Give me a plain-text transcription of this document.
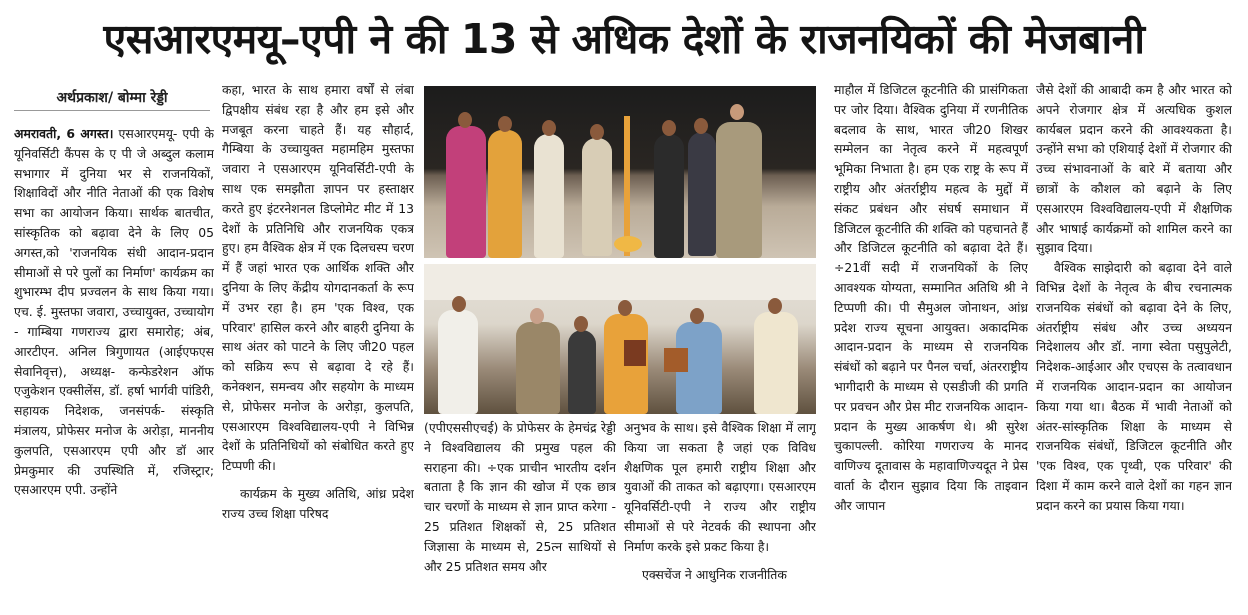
एसआरएमयू–एपी ने की 13 से अधिक देशों के राजनयिकों की मेजबानी
अर्थप्रकाश/ बोम्मा रेड्डी

अमरावती, 6 अगस्त। एसआरएमयू- एपी के यूनिवर्सिटी कैंपस के ए पी जे अब्दुल कलाम सभागार में दुनिया भर से राजनयिकों, शिक्षाविदों और नीति नेताओं की एक विशेष सभा का आयोजन किया। सार्थक बातचीत, सांस्कृतिक को बढ़ावा देने के लिए 05 अगस्त,को 'राजनयिक संधी आदान-प्रदान सीमाओं से परे पुलों का निर्माण' कार्यक्रम का शुभारम्भ दीप प्रज्वलन के साथ किया गया। एच. ई. मुस्तफा जवारा, उच्चायुक्त, उच्चायोग - गाम्बिया गणराज्य द्वारा समारोह; अंब, आरटीएन. अनिल त्रिगुणायत (आईएफएस सेवानिवृत्त), अध्यक्ष- कन्फेडरेशन ऑफ एजुकेशन एक्सीलेंस, डॉ. हर्षा भार्गवी पांडिरी, सहायक निदेशक, जनसंपर्क- संस्कृति मंत्रालय, प्रोफेसर मनोज के अरोड़ा, माननीय कुलपति, एसआरएम एपी और डॉ आर प्रेमकुमार की उपस्थिति में, रजिस्ट्रार; एसआरएम एपी. उन्होंने

कहा, भारत के साथ हमारा वर्षों से लंबा द्विपक्षीय संबंध रहा है और हम इसे और मजबूत करना चाहते हैं। यह सौहार्द, गैम्बिया के उच्चायुक्त महामहिम मुस्तफा जवारा ने एसआरएम यूनिवर्सिटी-एपी के साथ एक समझौता ज्ञापन पर हस्ताक्षर करते हुए इंटरनेशनल डिप्लोमेट मीट में 13 देशों के प्रतिनिधि और राजनयिक एकत्र हुए। हम वैश्विक क्षेत्र में एक दिलचस्प चरण में हैं जहां भारत एक आर्थिक शक्ति और दुनिया के लिए केंद्रीय योगदानकर्ता के रूप में उभर रहा है। हम 'एक विश्व, एक परिवार' हासिल करने और बाहरी दुनिया के साथ अंतर को पाटने के लिए जी20 पहल को सक्रिय रूप से बढ़ावा दे रहे हैं। कनेक्शन, समन्वय और सहयोग के माध्यम से, प्रोफेसर मनोज के अरोड़ा, कुलपति, एसआरएम विश्वविद्यालय-एपी ने विभिन्न देशों के प्रतिनिधियों को संबोधित करते हुए टिप्पणी की।

कार्यक्रम के मुख्य अतिथि, आंध्र प्रदेश राज्य उच्च शिक्षा परिषद

(एपीएससीएचई) के प्रोफेसर के हेमचंद्र रेड्डी ने विश्वविद्यालय की प्रमुख पहल की सराहना की। ÷एक प्राचीन भारतीय दर्शन बताता है कि ज्ञान की खोज में एक छात्र चार चरणों के माध्यम से ज्ञान प्राप्त करेगा - 25 प्रतिशत शिक्षकों से, 25 प्रतिशत जिज्ञासा के माध्यम से, 25त्न साथियों से और 25 प्रतिशत समय और

अनुभव के साथ। इसे वैश्विक शिक्षा में लागू किया जा सकता है जहां एक विविध शैक्षणिक पूल हमारी राष्ट्रीय शिक्षा और युवाओं की ताकत को बढ़ाएगा। एसआरएम यूनिवर्सिटी-एपी ने राज्य और राष्ट्रीय सीमाओं से परे नेटवर्क की स्थापना और निर्माण करके इसे प्रकट किया है।

एक्सचेंज ने आधुनिक राजनीतिक

माहौल में डिजिटल कूटनीति की प्रासंगिकता पर जोर दिया। वैश्विक दुनिया में रणनीतिक बदलाव के साथ, भारत जी20 शिखर सम्मेलन का नेतृत्व करने में महत्वपूर्ण भूमिका निभाता है। हम एक राष्ट्र के रूप में राष्ट्रीय और अंतर्राष्ट्रीय महत्व के मुद्दों में संकट प्रबंधन और संघर्ष समाधान में डिजिटल कूटनीति की शक्ति को पहचानते हैं और डिजिटल कूटनीति को बढ़ावा देते हैं।÷21वीं सदी में राजनयिकों के लिए आवश्यक योग्यता, सम्मानित अतिथि श्री ने टिप्पणी की। पी सैमुअल जोनाथन, आंध्र प्रदेश राज्य सूचना आयुक्त। अकादमिक आदान-प्रदान के माध्यम से राजनयिक संबंधों को बढ़ाने पर पैनल चर्चा, अंतरराष्ट्रीय भागीदारी के माध्यम से एसडीजी की प्रगति पर प्रवचन और प्रेस मीट राजनयिक आदान-प्रदान के मुख्य आकर्षण थे। श्री सुरेश चुकापल्ली. कोरिया गणराज्य के मानद वाणिज्य दूतावास के महावाणिज्यदूत ने प्रेस वार्ता के दौरान सुझाव दिया कि ताइवान और जापान

जैसे देशों की आबादी कम है और भारत को अपने रोजगार क्षेत्र में अत्यधिक कुशल कार्यबल प्रदान करने की आवश्यकता है। उन्होंने सभा को एशियाई देशों में रोजगार की उच्च संभावनाओं के बारे में बताया और छात्रों के कौशल को बढ़ाने के लिए एसआरएम विश्वविद्यालय-एपी में शैक्षणिक और भाषाई कार्यक्रमों को शामिल करने का सुझाव दिया।

वैश्विक साझेदारी को बढ़ावा देने वाले विभिन्न देशों के नेतृत्व के बीच रचनात्मक राजनयिक संबंधों को बढ़ावा देने के लिए, अंतर्राष्ट्रीय संबंध और उच्च अध्ययन निदेशालय और डॉ. नागा स्वेता पसुपुलेटी, निदेशक-आईआर और एचएस के तत्वावधान में राजनयिक आदान-प्रदान का आयोजन किया गया था। बैठक में भावी नेताओं को अंतर-सांस्कृतिक शिक्षा के माध्यम से राजनयिक संबंधों, डिजिटल कूटनीति और 'एक विश्व, एक पृथ्वी, एक परिवार' की दिशा में काम करने वाले देशों का गहन ज्ञान प्रदान करने का प्रयास किया गया।
